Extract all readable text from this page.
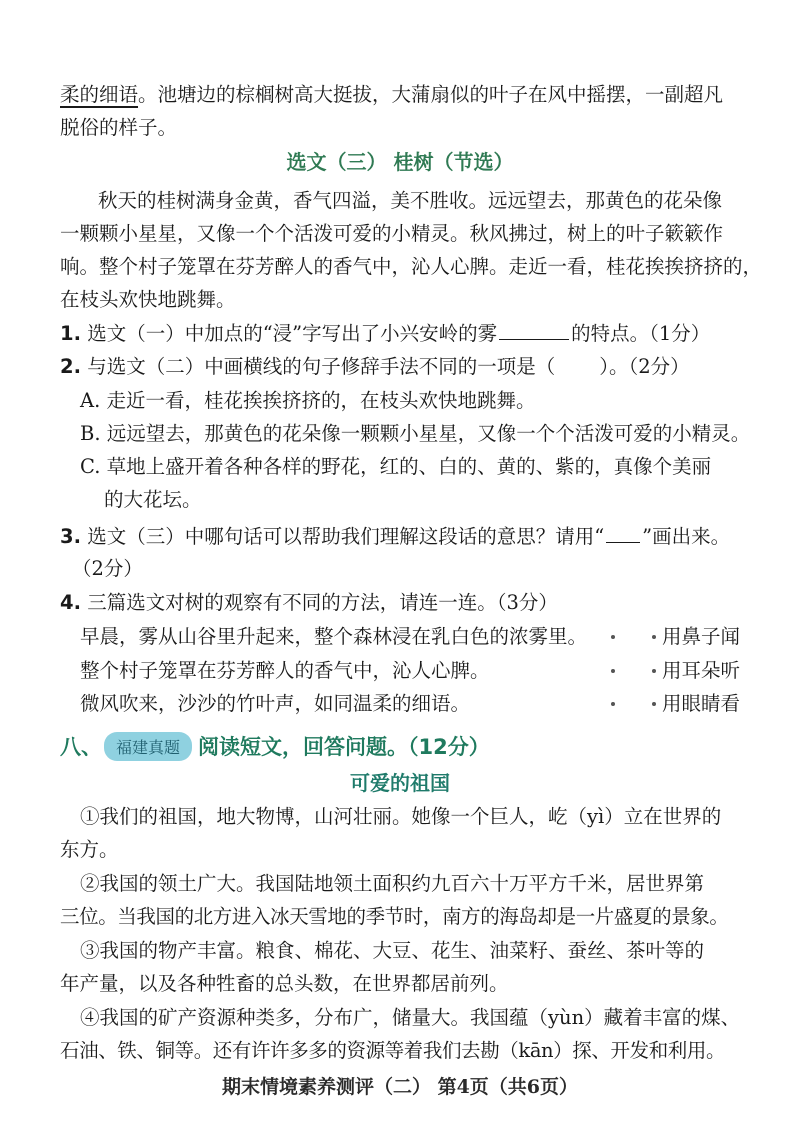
柔的细语。池塘边的棕榈树高大挺拔，大蒲扇似的叶子在风中摇摆，一副超凡
脱俗的样子。
选文（三） 桂树（节选）
秋天的桂树满身金黄，香气四溢，美不胜收。远远望去，那黄色的花朵像
一颗颗小星星，又像一个个活泼可爱的小精灵。秋风拂过，树上的叶子簌簌作
响。整个村子笼罩在芬芳醉人的香气中，沁人心脾。走近一看，桂花挨挨挤挤的，
在枝头欢快地跳舞。
1. 选文（一）中加点的“浸”字写出了小兴安岭的雾	的特点。（1分）
2. 与选文（二）中画横线的句子修辞手法不同的一项是（ ）。（2分）
A. 走近一看，桂花挨挨挤挤的，在枝头欢快地跳舞。
B. 远远望去，那黄色的花朵像一颗颗小星星，又像一个个活泼可爱的小精灵。
C. 草地上盛开着各种各样的野花，红的、白的、黄的、紫的，真像个美丽
的大花坛。
3. 选文（三）中哪句话可以帮助我们理解这段话的意思？请用“ ”画出来。
（2分）
4. 三篇选文对树的观察有不同的方法，请连一连。（3分）
早晨，雾从山谷里升起来，整个森林浸在乳白色的浓雾里。	用鼻子闻
整个村子笼罩在芬芳醉人的香气中，沁人心脾。	用耳朵听
微风吹来，沙沙的竹叶声，如同温柔的细语。	用眼睛看
八、 福建真题 阅读短文，回答问题。（12分）
可爱的祖国
①我们的祖国，地大物博，山河壮丽。她像一个巨人，屹（yì）立在世界的
东方。
②我国的领土广大。我国陆地领土面积约九百六十万平方千米，居世界第
三位。当我国的北方进入冰天雪地的季节时，南方的海岛却是一片盛夏的景象。
③我国的物产丰富。粮食、棉花、大豆、花生、油菜籽、蚕丝、茶叶等的
年产量，以及各种牲畜的总头数，在世界都居前列。
④我国的矿产资源种类多，分布广，储量大。我国蕴（yùn）藏着丰富的煤、
石油、铁、铜等。还有许许多多的资源等着我们去勘（kān）探、开发和利用。
期末情境素养测评（二） 第4页（共6页）
